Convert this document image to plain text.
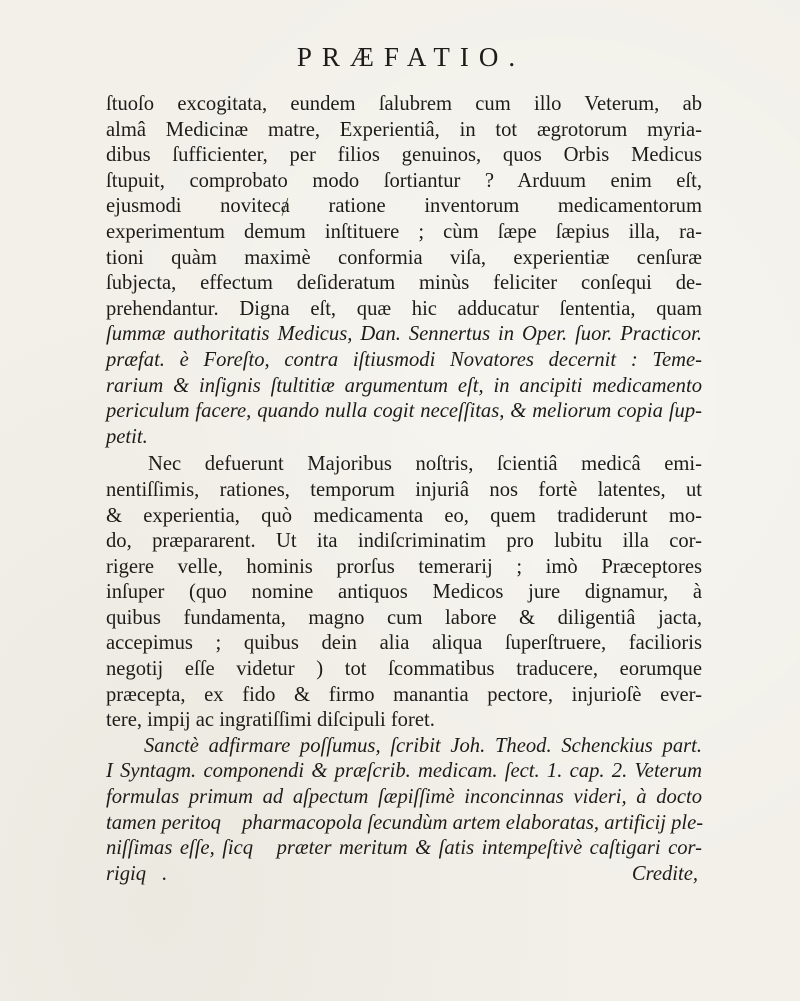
PRÆFATIO.
ſtuoſo excogitata, eundem ſalubrem cum illo Veterum, ab
almâ Medicinæ matre, Experientiâ, in tot ægrotorum myria-
dibus ſufficienter, per filios genuinos, quos Orbis Medicus
ſtupuit, comprobato modo ſortiantur ? Arduum enim eſt,
ejusmodi novitecⱥ ratione inventorum medicamentorum
experimentum demum inſtituere ; cùm ſæpe ſæpius illa, ra-
tioni quàm maximè conformia viſa, experientiæ cenſuræ
ſubjecta, effectum deſideratum minùs feliciter conſequi de-
prehendantur. Digna eſt, quæ hic adducatur ſententia, quam
ſummæ authoritatis Medicus, Dan. Sennertus in Oper. ſuor. Practicor.
præfat. è Foreſto, contra iſtiusmodi Novatores decernit : Teme-
rarium & inſignis ſtultitiæ argumentum eſt, in ancipiti medicamento
periculum facere, quando nulla cogit neceſſitas, & meliorum copia ſup-
petit.
Nec defuerunt Majoribus noſtris, ſcientiâ medicâ emi-
nentiſſimis, rationes, temporum injuriâ nos fortè latentes, ut
& experientia, quò medicamenta eo, quem tradiderunt mo-
do, præpararent. Ut ita indiſcriminatim pro lubitu illa cor-
rigere velle, hominis prorſus temerarij ; imò Præceptores
inſuper (quo nomine antiquos Medicos jure dignamur, à
quibus fundamenta, magno cum labore & diligentiâ jacta,
accepimus ; quibus dein alia aliqua ſuperſtruere, facilioris
negotij eſſe videtur ) tot ſcommatibus traducere, eorumque
præcepta, ex fido & firmo manantia pectore, injurioſè ever-
tere, impij ac ingratiſſimi diſcipuli foret.
Sanctè adfirmare poſſumus, ſcribit Joh. Theod. Schenckius part.
I Syntagm. componendi & præſcrib. medicam. ſect. 1. cap. 2. Veterum
formulas primum ad aſpectum ſæpiſſimè inconcinnas videri, à docto
tamen peritoqᷓ pharmacopola ſecundùm artem elaboratas, artificij ple-
niſſimas eſſe, ſicqᷓ præter meritum & ſatis intempeſtivè caſtigari cor-
rigiqᷓ.	Credite,
